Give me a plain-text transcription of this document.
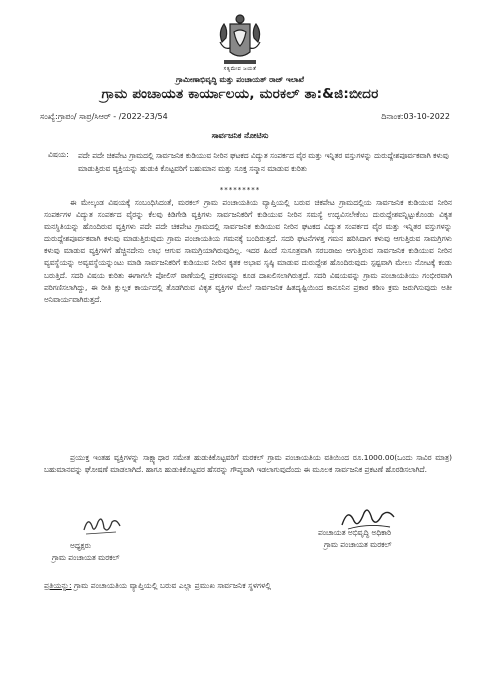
ಸತ್ಯಮೇವ ಜಯತೆ
ಗ್ರಾಮೀಣಾಭಿವೃದ್ಧಿ ಮತ್ತು ಪಂಚಾಯತ್ ರಾಜ್ ಇಲಾಖೆ
ಗ್ರಾಮ ಪಂಚಾಯತ ಕಾರ್ಯಾಲಯ, ಮರಕಲ್ ತಾ:&ಜಿ:ಬೀದರ
ಸಂಖ್ಯೆ:ಗ್ರಾಪಂ/ ಸಾಪ್ರ/ಸಿಆರ್ - /2022-23/54	ದಿನಾಂಕ:03-10-2022
ಸಾರ್ವಜನಿಕ ನೋಟಿಸು
ವಿಷಯ: ಪದೇ ಪದೇ ಚಿಕಪೇಟ ಗ್ರಾಮದಲ್ಲಿ ಸಾರ್ವಜನಿಕ ಕುಡಿಯುವ ನೀರಿನ ಘಟಕದ ವಿದ್ಯುತ ಸಂಪರ್ಕದ ವೈರ ಮತ್ತು ಇನ್ನಿತರ ವಸ್ತುಗಳನ್ನು ದುರುದ್ದೇಶಪೂರ್ವಕವಾಗಿ ಕಳುವು ಮಾಡುತ್ತಿರುವ ವ್ಯಕ್ತಿಯನ್ನು ಹುಡುಕಿ ಕೊಟ್ಟವರಿಗೆ ಬಹುಮಾನ ಮತ್ತು ಸೂಕ್ತ ಸನ್ಮಾನ ಮಾಡುವ ಕುರಿತು
*********
ಈ ಮೇಲ್ಕಂಡ ವಿಷಯಕ್ಕೆ ಸಂಬಂಧಿಸಿದಂತೆ, ಮರಕಲ್ ಗ್ರಾಮ ಪಂಚಾಯತಿಯ ವ್ಯಾಪ್ತಿಯಲ್ಲಿ ಬರುವ ಚಿಕಪೇಟ ಗ್ರಾಮದಲ್ಲಿಯ ಸಾರ್ವಜನಿಕ ಕುಡಿಯುವ ನೀರಿನ ಸಂಪರ್ಕಗಳ ವಿದ್ಯುತ ಸಂಪರ್ಕದ ವೈರನ್ನು ಕೆಲವು ಕಿಡಿಗೇಡಿ ವ್ಯಕ್ತಿಗಳು ಸಾರ್ವಜನಿಕರಿಗೆ ಕುಡಿಯುವ ನೀರಿನ ಸಮಸ್ಯೆ ಉದ್ಭವಿಸಲೇಕೆಂಬ ದುರುದ್ದೇಶವನ್ನಿಟ್ಟುಕೊಂಡು ವಿಕೃತ ಮನಸ್ಥಿತಿಯನ್ನು ಹೊಂದಿರುವ ವ್ಯಕ್ತಿಗಳು ಪದೇ ಪದೇ ಚಿಕಪೇಟ ಗ್ರಾಮದಲ್ಲಿ ಸಾರ್ವಜನಿಕ ಕುಡಿಯುವ ನೀರಿನ ಘಟಕದ ವಿದ್ಯುತ ಸಂಪರ್ಕದ ವೈರ ಮತ್ತು ಇನ್ನಿತರ ವಸ್ತುಗಳನ್ನು ದುರುದ್ದೇಶಪೂರ್ವಕವಾಗಿ ಕಳುವು ಮಾಡುತ್ತಿರುವುದು ಗ್ರಾಮ ಪಂಚಾಯತಿಯ ಗಮನಕ್ಕೆ ಬಂದಿರುತ್ತದೆ. ಸದರಿ ಘಟನೆಗಳತ್ತ ಗಮನ ಹರಿಸಿದಾಗ ಕಳುವು ಆಗುತ್ತಿರುವ ಸಾಮಗ್ರಿಗಳು ಕಳುವು ಮಾಡುವ ವ್ಯಕ್ತಿಗಳಿಗೆ ಹೆಚ್ಚಿನದೇನು ಲಾಭ ಆಗುವ ಸಾಮಗ್ರಿಯಾಗಿರುವುದಿಲ್ಲ. ಇದರ ಹಿಂದೆ ಸುಸೂತ್ರವಾಗಿ ಸರಬರಾಜು ಆಗುತ್ತಿರುವ ಸಾರ್ವಜನಿಕ ಕುಡಿಯುವ ನೀರಿನ ವ್ಯವಸ್ಥೆಯನ್ನು ಅವ್ಯವಸ್ಥೆಯನ್ನುಂಟು ಮಾಡಿ ಸಾರ್ವಜನಿಕರಿಗೆ ಕುಡಿಯುವ ನೀರಿನ ಕೃತಕ ಅಭಾವ ಸೃಷ್ಠಿ ಮಾಡುವ ದುರುದ್ದೇಶ ಹೊಂದಿರುವುದು ಸ್ಪಷ್ಟವಾಗಿ ಮೇಲು ನೋಟಕ್ಕೆ ಕಂಡು ಬರುತ್ತಿದೆ. ಸದರಿ ವಿಷಯ ಕುರಿತು ಈಗಾಗಲೇ ಪೋಲಿಸ್ ಠಾಣೆಯಲ್ಲಿ ಪ್ರಕರಣವನ್ನು ಕೂಡ ದಾಖಲಿಸಲಾಗಿರುತ್ತದೆ. ಸದರಿ ವಿಷಯವನ್ನು ಗ್ರಾಮ ಪಂಚಾಯತಿಯು ಗಂಭೀರವಾಗಿ ಪರಿಗಣಿಸಲಾಗಿದ್ದು, ಈ ರೀತಿ ಕ್ಷುಲ್ಲಕ ಕಾರ್ಯದಲ್ಲಿ ತೊಡಗಿರುವ ವಿಕೃತ ವ್ಯಕ್ತಿಗಳ ಮೇಲೆ ಸಾರ್ವಜನಿಕ ಹಿತದೃಷ್ಟಿಯಿಂದ ಕಾನೂನಿನ ಪ್ರಕಾರ ಕಠಿಣ ಕ್ರಮ ಜರುಗಿಸುವುದು ಅತೀ ಅನಿವಾರ್ಯವಾಗಿರುತ್ತದೆ.
ಪ್ರಯುಕ್ತ ಇಂತಹ ವ್ಯಕ್ತಿಗಳನ್ನು ಸಾಕ್ಷ್ಯಾಧಾರ ಸಮೇತ ಹುಡುಕಿಕೊಟ್ಟವರಿಗೆ ಮರಕಲ್ ಗ್ರಾಮ ಪಂಚಾಯತಿಯ ವತಿಯಿಂದ ರೂ.1000.00(ಒಂದು ಸಾವಿರ ಮಾತ್ರ) ಬಹುಮಾನವನ್ನು ಘೋಷಣೆ ಮಾಡಲಾಗಿದೆ. ಹಾಗೂ ಹುಡುಕಿಕೊಟ್ಟವರ ಹೆಸರನ್ನು ಗೌಪ್ಯವಾಗಿ ಇಡಲಾಗುವುದೆಂದು ಈ ಮೂಲಕ ಸಾರ್ವಜನಿಕ ಪ್ರಕಟಣೆ ಹೊರಡಿಸಲಾಗಿದೆ.
ಅಧ್ಯಕ್ಷರು
ಗ್ರಾಮ ಪಂಚಾಯತ ಮರಕಲ್
ಪಂಚಾಯತ ಅಭಿವೃದ್ಧಿ ಅಧಿಕಾರಿ
ಗ್ರಾಮ ಪಂಚಾಯತ ಮರಕಲ್
ಪ್ರತಿಯನ್ನು: ಗ್ರಾಮ ಪಂಚಾಯತಿಯ ವ್ಯಾಪ್ತಿಯಲ್ಲಿ ಬರುವ ಎಲ್ಲಾ ಪ್ರಮುಖ ಸಾರ್ವಜನಿಕ ಸ್ಥಳಗಳಲ್ಲಿ
